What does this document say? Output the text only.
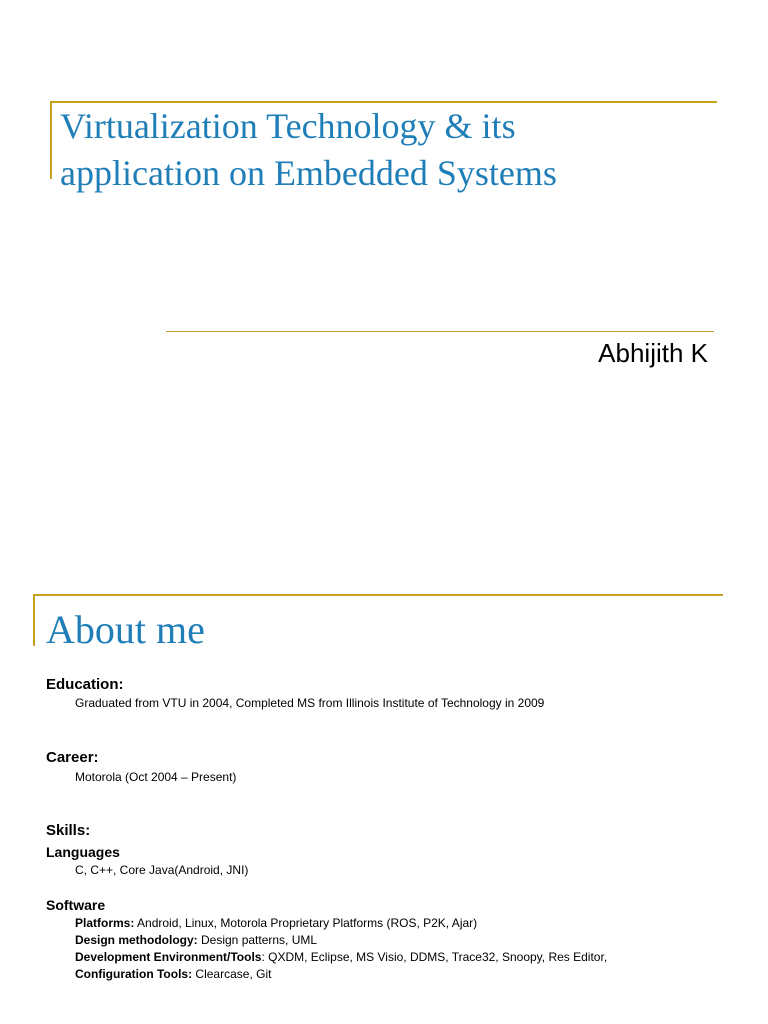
Virtualization Technology & its
application on Embedded Systems
Abhijith K
About me
Education:
Graduated from VTU in 2004, Completed MS from Illinois Institute of Technology in 2009
Career:
Motorola (Oct 2004 – Present)
Skills:
Languages
C, C++, Core Java(Android, JNI)
Software
Platforms: Android, Linux, Motorola Proprietary Platforms (ROS, P2K, Ajar)
Design methodology: Design patterns, UML
Development Environment/Tools: QXDM, Eclipse, MS Visio, DDMS, Trace32, Snoopy, Res Editor,
Configuration Tools: Clearcase, Git
